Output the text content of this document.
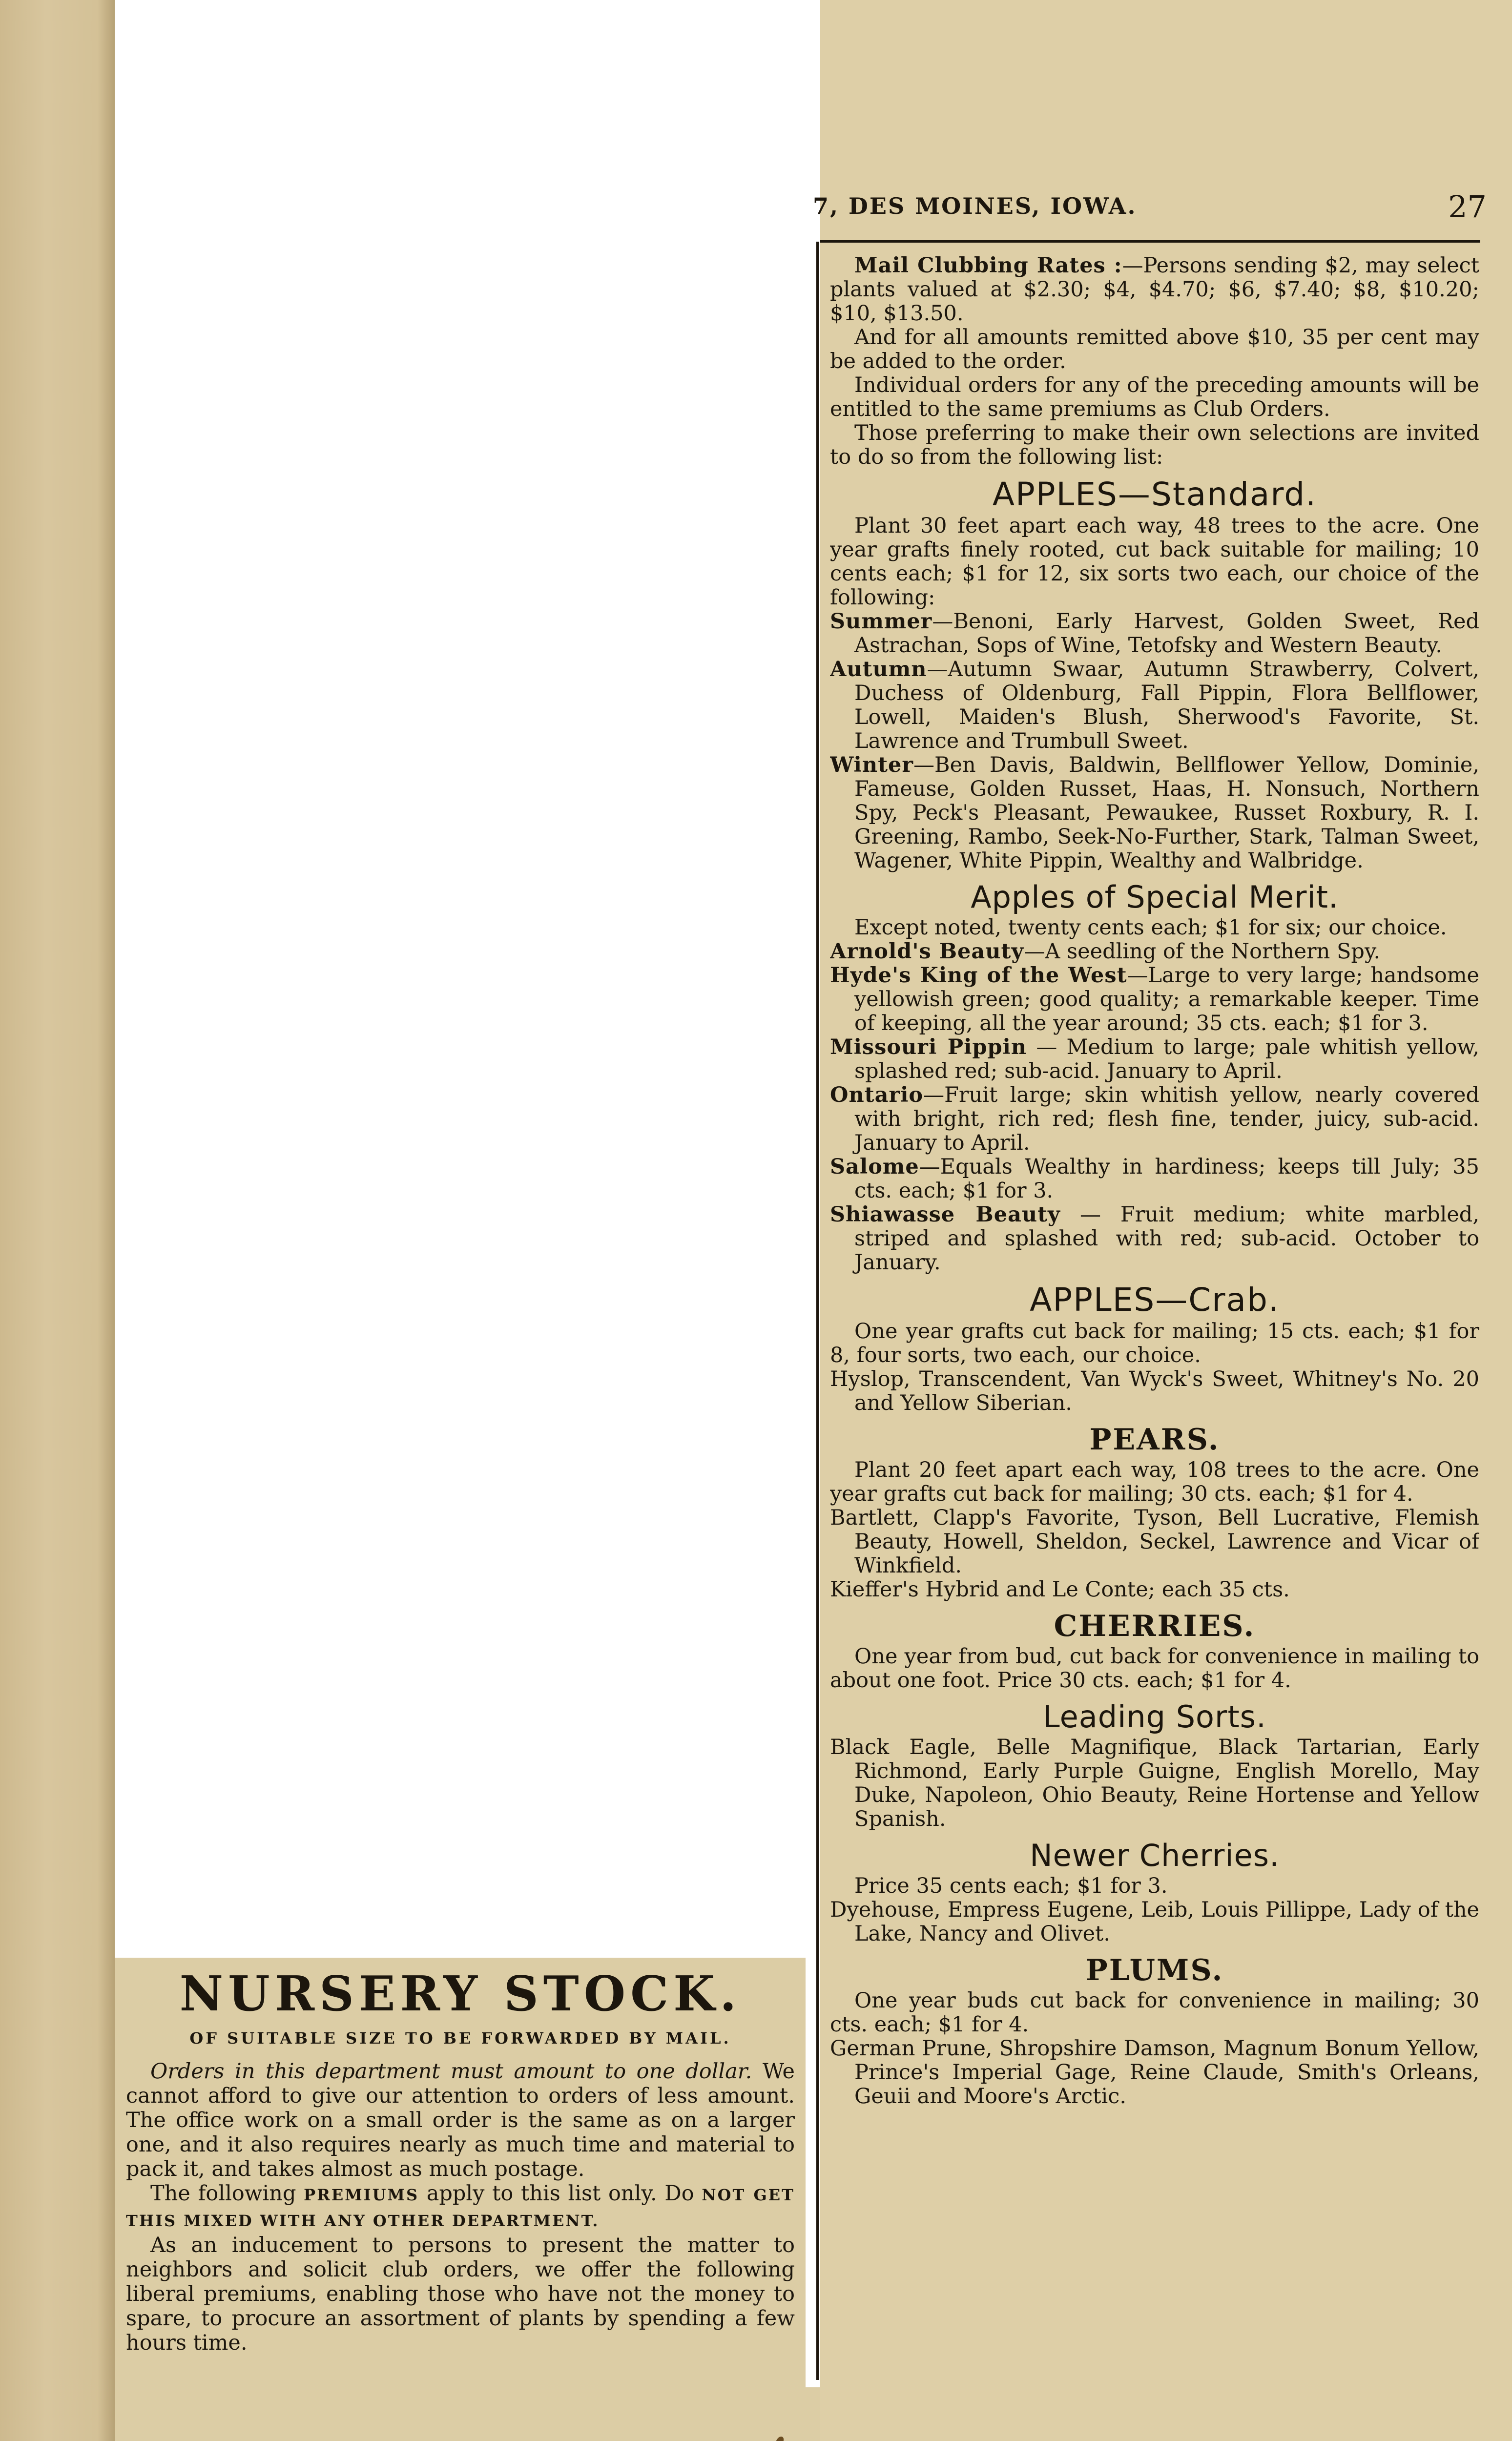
7, DES MOINES, IOWA.	27

Mail Clubbing Rates :—Persons sending $2, may select plants valued at $2.30; $4, $4.70; $6, $7.40; $8, $10.20; $10, $13.50.

And for all amounts remitted above $10, 35 per cent may be added to the order.

Individual orders for any of the preceding amounts will be entitled to the same premiums as Club Orders.

Those preferring to make their own selections are invited to do so from the following list:

APPLES—Standard.

Plant 30 feet apart each way, 48 trees to the acre. One year grafts finely rooted, cut back suitable for mailing; 10 cents each; $1 for 12, six sorts two each, our choice of the following:

Summer—Benoni, Early Harvest, Golden Sweet, Red Astrachan, Sops of Wine, Tetofsky and Western Beauty.

Autumn—Autumn Swaar, Autumn Strawberry, Colvert, Duchess of Oldenburg, Fall Pippin, Flora Bellflower, Lowell, Maiden's Blush, Sherwood's Favorite, St. Lawrence and Trumbull Sweet.

Winter—Ben Davis, Baldwin, Bellflower Yellow, Dominie, Fameuse, Golden Russet, Haas, H. Nonsuch, Northern Spy, Peck's Pleasant, Pewaukee, Russet Roxbury, R. I. Greening, Rambo, Seek-No-Further, Stark, Talman Sweet, Wagener, White Pippin, Wealthy and Walbridge.

Apples of Special Merit.

Except noted, twenty cents each; $1 for six; our choice.

Arnold's Beauty—A seedling of the Northern Spy.

Hyde's King of the West—Large to very large; handsome yellowish green; good quality; a remarkable keeper. Time of keeping, all the year around; 35 cts. each; $1 for 3.

Missouri Pippin — Medium to large; pale whitish yellow, splashed red; sub-acid. January to April.

Ontario—Fruit large; skin whitish yellow, nearly covered with bright, rich red; flesh fine, tender, juicy, sub-acid. January to April.

Salome—Equals Wealthy in hardiness; keeps till July; 35 cts. each; $1 for 3.

Shiawasse Beauty — Fruit medium; white marbled, striped and splashed with red; sub-acid. October to January.

APPLES—Crab.

One year grafts cut back for mailing; 15 cts. each; $1 for 8, four sorts, two each, our choice.

Hyslop, Transcendent, Van Wyck's Sweet, Whitney's No. 20 and Yellow Siberian.

PEARS.

Plant 20 feet apart each way, 108 trees to the acre. One year grafts cut back for mailing; 30 cts. each; $1 for 4.

Bartlett, Clapp's Favorite, Tyson, Bell Lucrative, Flemish Beauty, Howell, Sheldon, Seckel, Lawrence and Vicar of Winkfield.

Kieffer's Hybrid and Le Conte; each 35 cts.

CHERRIES.

One year from bud, cut back for convenience in mailing to about one foot. Price 30 cts. each; $1 for 4.

Leading Sorts.

Black Eagle, Belle Magnifique, Black Tartarian, Early Richmond, Early Purple Guigne, English Morello, May Duke, Napoleon, Ohio Beauty, Reine Hortense and Yellow Spanish.

Newer Cherries.

Price 35 cents each; $1 for 3.

Dyehouse, Empress Eugene, Leib, Louis Pillippe, Lady of the Lake, Nancy and Olivet.

PLUMS.

One year buds cut back for convenience in mailing; 30 cts. each; $1 for 4.

German Prune, Shropshire Damson, Magnum Bonum Yellow, Prince's Imperial Gage, Reine Claude, Smith's Orleans, Geuii and Moore's Arctic.

NURSERY STOCK.

OF SUITABLE SIZE TO BE FORWARDED BY MAIL.

Orders in this department must amount to one dollar. We cannot afford to give our attention to orders of less amount. The office work on a small order is the same as on a larger one, and it also requires nearly as much time and material to pack it, and takes almost as much postage.

The following PREMIUMS apply to this list only. Do NOT GET THIS MIXED WITH ANY OTHER DEPARTMENT.

As an inducement to persons to present the matter to neighbors and solicit club orders, we offer the following liberal premiums, enabling those who have not the money to spare, to procure an assortment of plants by spending a few hours time.
